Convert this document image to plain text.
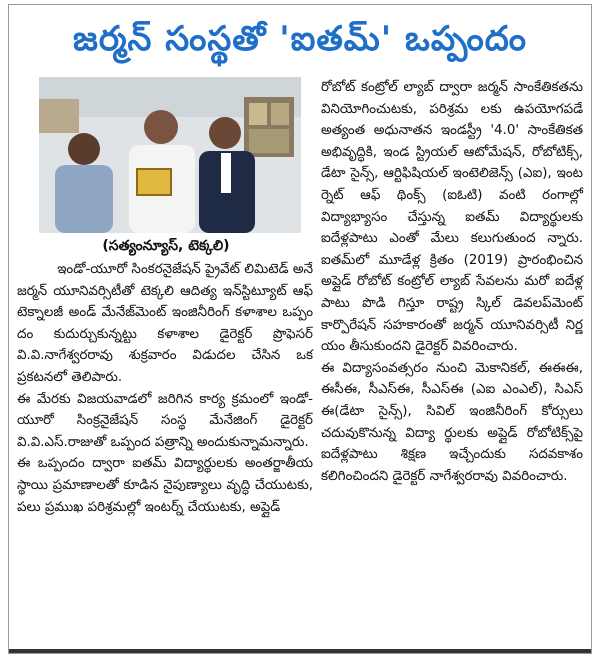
జర్మన్ సంస్థతో 'ఐతమ్' ఒప్పందం
(సత్యంన్యూస్, టెక్కలి)

ఇండో-యూరో సింకరనైజేషన్ ప్రైవేట్ లిమిటెడ్ అనే జర్మన్ యూనివర్సిటీతో టెక్కలి ఆదిత్య ఇన్‌స్టిట్యూట్ ఆఫ్ టెక్నాలజీ అండ్ మేనేజ్‌మెంట్ ఇంజినీరింగ్ కళాశాల ఒప్పం దం కుదుర్చుకున్నట్టు కళాశాల డైరెక్టర్ ప్రొఫెసర్ వి.వి.నాగేశ్వరరావు శుక్రవారం విడుదల చేసిన ఒక ప్రకటనలో తెలిపారు.

ఈ మేరకు విజయవాడలో జరిగిన కార్య క్రమంలో ఇండో-యూరో సింక్రనైజేషన్ సంస్థ మేనేజింగ్ డైరెక్టర్ వి.వి.ఎస్.రాజుతో ఒప్పంద పత్రాన్ని అందుకున్నామన్నారు.

ఈ ఒప్పందం ద్వారా ఐతమ్ విద్యార్థులకు అంతర్జాతీయ స్థాయి ప్రమాణాలతో కూడిన నైపుణ్యాలు వృద్ధి చేయుటకు, పలు ప్రముఖ పరిశ్రమల్లో ఇంటర్న్ చేయుటకు, అప్లైడ్

రోబోట్ కంట్రోల్ ల్యాబ్ ద్వారా జర్మన్ సాంకేతికతను వినియోగించుటకు, పరిశ్రమ లకు ఉపయోగపడే అత్యంత అధునాతన ఇండస్ట్రీ '4.0' సాంకేతికత అభివృద్ధికి, ఇండ స్ట్రియల్ ఆటోమేషన్, రోబోటిక్స్, డేటా సైన్స్, ఆర్టిఫిషియల్ ఇంటెలిజెన్స్ (ఎఐ), ఇంట ర్నెట్ ఆఫ్ థింక్స్ (ఐఓటి) వంటి రంగాల్లో విద్యాభ్యాసం చేస్తున్న ఐతమ్ విద్యార్థులకు ఐదేళ్లపాటు ఎంతో మేలు కలుగుతుంద న్నారు. ఐతమ్‌లో మూడేళ్ల క్రితం (2019) ప్రారంభించిన అప్లైడ్ రోబోట్ కంట్రోల్ ల్యాబ్ సేవలను మరో ఐదేళ్ల పాటు పొడి గిస్తూ రాష్ట్ర స్కిల్ డెవలప్‌మెంట్ కార్పొరేషన్ సహకారంతో జర్మన్ యూనివర్సిటీ నిర్ణ యం తీసుకుందని డైరెక్టర్ వివరించారు.

ఈ విద్యాసంవత్సరం నుంచి మెకానికల్, ఈఈఈ, ఈసీఈ, సీఎస్ఈ, సీఎస్ఈ (ఎఐ ఎంఎల్), సిఎస్ ఈ(డేటా సైన్స్), సివిల్ ఇంజినీరింగ్ కోర్సులు చదువుకొనున్న విద్యా ర్థులకు అప్లైడ్ రోబోటిక్స్‌పై ఐదేళ్లపాటు శిక్షణ ఇచ్చేందుకు సదవకాశం కలిగించిందని డైరెక్టర్ నాగేశ్వరరావు వివరించారు.
